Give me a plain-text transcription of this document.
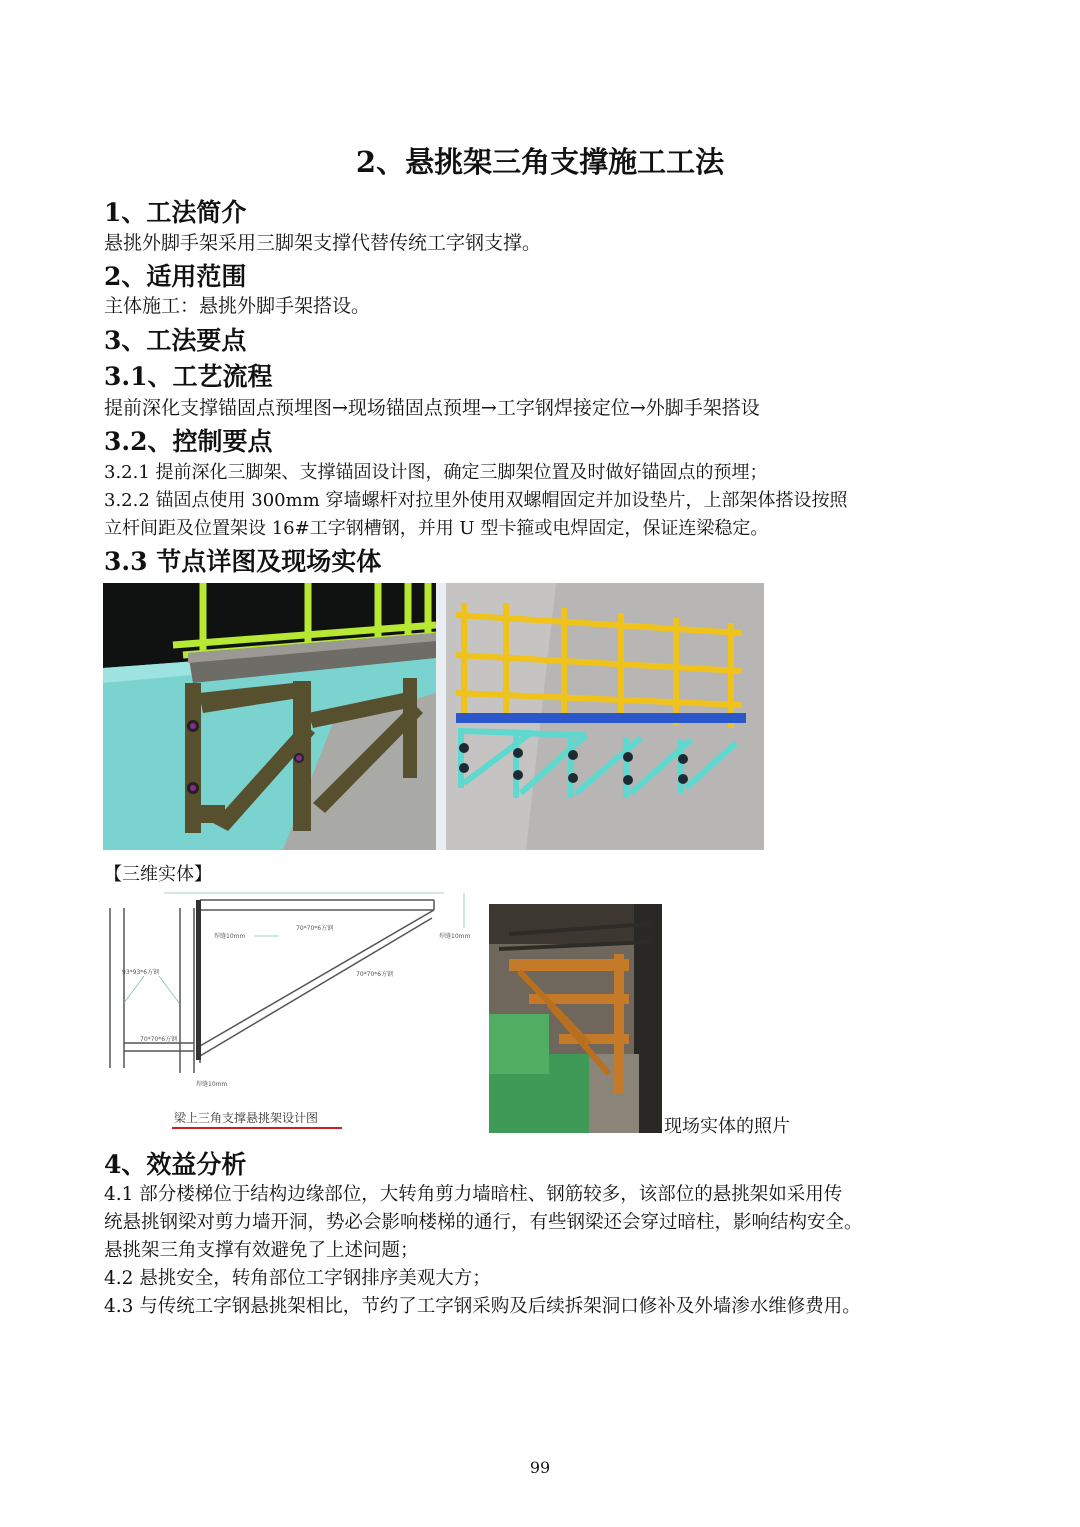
2、悬挑架三角支撑施工工法
1、工法简介
悬挑外脚手架采用三脚架支撑代替传统工字钢支撑。
2、适用范围
主体施工：悬挑外脚手架搭设。
3、工法要点
3.1、工艺流程
提前深化支撑锚固点预埋图→现场锚固点预埋→工字钢焊接定位→外脚手架搭设
3.2、控制要点
3.2.1 提前深化三脚架、支撑锚固设计图，确定三脚架位置及时做好锚固点的预埋；
3.2.2 锚固点使用 300mm 穿墙螺杆对拉里外使用双螺帽固定并加设垫片，上部架体搭设按照
立杆间距及位置架设 16#工字钢槽钢，并用 U 型卡箍或电焊固定，保证连梁稳定。
3.3 节点详图及现场实体
【三维实体】
焊缝10mm	焊缝10mm
70*70*6方钢
70*70*6方钢
93*93*6方钢
70*70*6方钢
焊缝10mm
梁上三角支撑悬挑架设计图	现场实体的照片
4、效益分析
4.1 部分楼梯位于结构边缘部位，大转角剪力墙暗柱、钢筋较多，该部位的悬挑架如采用传
统悬挑钢梁对剪力墙开洞，势必会影响楼梯的通行，有些钢梁还会穿过暗柱，影响结构安全。
悬挑架三角支撑有效避免了上述问题；
4.2 悬挑安全，转角部位工字钢排序美观大方；
4.3 与传统工字钢悬挑架相比，节约了工字钢采购及后续拆架洞口修补及外墙渗水维修费用。
99
